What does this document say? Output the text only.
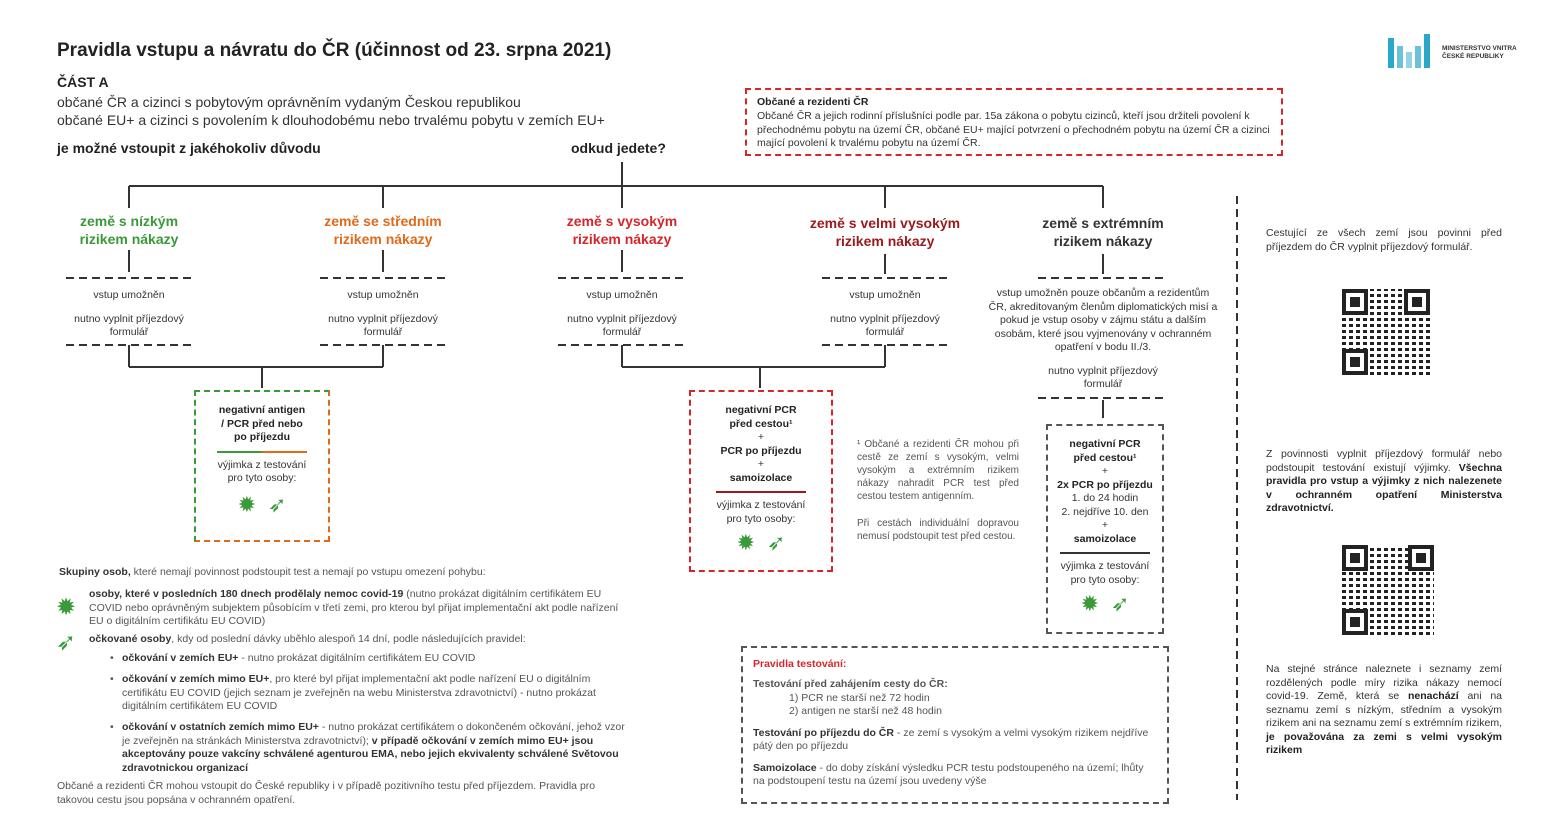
Pravidla vstupu a návratu do ČR (účinnost od 23. srpna 2021)
ČÁST A
občané ČR a cizinci s pobytovým oprávněním vydaným Českou republikou
občané EU+ a cizinci s povolením k dlouhodobému nebo trvalému pobytu v zemích EU+
je možné vstoupit z jakéhokoliv důvodu	odkud jedete?
MINISTERSTVO VNITRA
ČESKÉ REPUBLIKY
Občané a rezidenti ČR
Občané ČR a jejich rodinní příslušníci podle par. 15a zákona o pobytu cizinců, kteří jsou držiteli povolení k přechodnému pobytu na území ČR, občané EU+ mající potvrzení o přechodném pobytu na území ČR a cizinci mající povolení k trvalému pobytu na území ČR.
země s nízkým
rizikem nákazy
země se středním
rizikem nákazy
země s vysokým
rizikem nákazy
země s velmi vysokým
rizikem nákazy
země s extrémním
rizikem nákazy
vstup umožněn
nutno vyplnit příjezdový formulář
vstup umožněn
nutno vyplnit příjezdový formulář
vstup umožněn
nutno vyplnit příjezdový formulář
vstup umožněn
nutno vyplnit příjezdový formulář
vstup umožněn pouze občanům a rezidentům ČR, akreditovaným členům diplomatických misí a pokud je vstup osoby v zájmu státu a dalším osobám, které jsou vyjmenovány v ochranném opatření v bodu II./3.
nutno vyplnit příjezdový formulář
negativní antigen
/ PCR před nebo
po příjezdu
výjimka z testování
pro tyto osoby:
✹ ➶
negativní PCR
před cestou¹
+
PCR po příjezdu
+
samoizolace
výjimka z testování
pro tyto osoby:
✹ ➶
negativní PCR
před cestou¹
+
2x PCR po příjezdu
1. do 24 hodin
2. nejdříve 10. den
+
samoizolace
výjimka z testování
pro tyto osoby:
✹ ➶
¹ Občané a rezidenti ČR mohou při cestě ze zemí s vysokým, velmi vysokým a extrémním rizikem nákazy nahradit PCR test před cestou testem antigenním.
Při cestách individuální dopravou nemusí podstoupit test před cestou.
Skupiny osob, které nemají povinnost podstoupit test a nemají po vstupu omezení pohybu:
✹ osoby, které v posledních 180 dnech prodělaly nemoc covid-19 (nutno prokázat digitálním certifikátem EU COVID nebo oprávněným subjektem působícím v třetí zemi, pro kterou byl přijat implementační akt podle nařízení EU o digitálním certifikátu EU COVID)
➶ očkované osoby, kdy od poslední dávky uběhlo alespoň 14 dní, podle následujících pravidel:
• očkování v zemích EU+ - nutno prokázat digitálním certifikátem EU COVID
• očkování v zemích mimo EU+, pro které byl přijat implementační akt podle nařízení EU o digitálním certifikátu EU COVID (jejich seznam je zveřejněn na webu Ministerstva zdravotnictví) - nutno prokázat digitálním certifikátem EU COVID
• očkování v ostatních zemích mimo EU+ - nutno prokázat certifikátem o dokončeném očkování, jehož vzor je zveřejněn na stránkách Ministerstva zdravotnictví); v případě očkování v zemích mimo EU+ jsou akceptovány pouze vakcíny schválené agenturou EMA, nebo jejich ekvivalenty schválené Světovou zdravotnickou organizací
Občané a rezidenti ČR mohou vstoupit do České republiky i v případě pozitivního testu před příjezdem. Pravidla pro takovou cestu jsou popsána v ochranném opatření.
Pravidla testování:
Testování před zahájením cesty do ČR:
1) PCR ne starší než 72 hodin
2) antigen ne starší než 48 hodin
Testování po příjezdu do ČR - ze zemí s vysokým a velmi vysokým rizikem nejdříve pátý den po příjezdu
Samoizolace - do doby získání výsledku PCR testu podstoupeného na území; lhůty na podstoupení testu na území jsou uvedeny výše
Cestující ze všech zemí jsou povinni před příjezdem do ČR vyplnit příjezdový formulář.
Z povinnosti vyplnit příjezdový formulář nebo podstoupit testování existují výjimky. Všechna pravidla pro vstup a výjimky z nich nalezenete v ochranném opatření Ministerstva zdravotnictví.
Na stejné stránce naleznete i seznamy zemí rozdělených podle míry rizika nákazy nemocí covid-19. Země, která se nenachází ani na seznamu zemí s nízkým, středním a vysokým rizikem ani na seznamu zemí s extrémním rizikem, je považována za zemi s velmi vysokým rizikem
